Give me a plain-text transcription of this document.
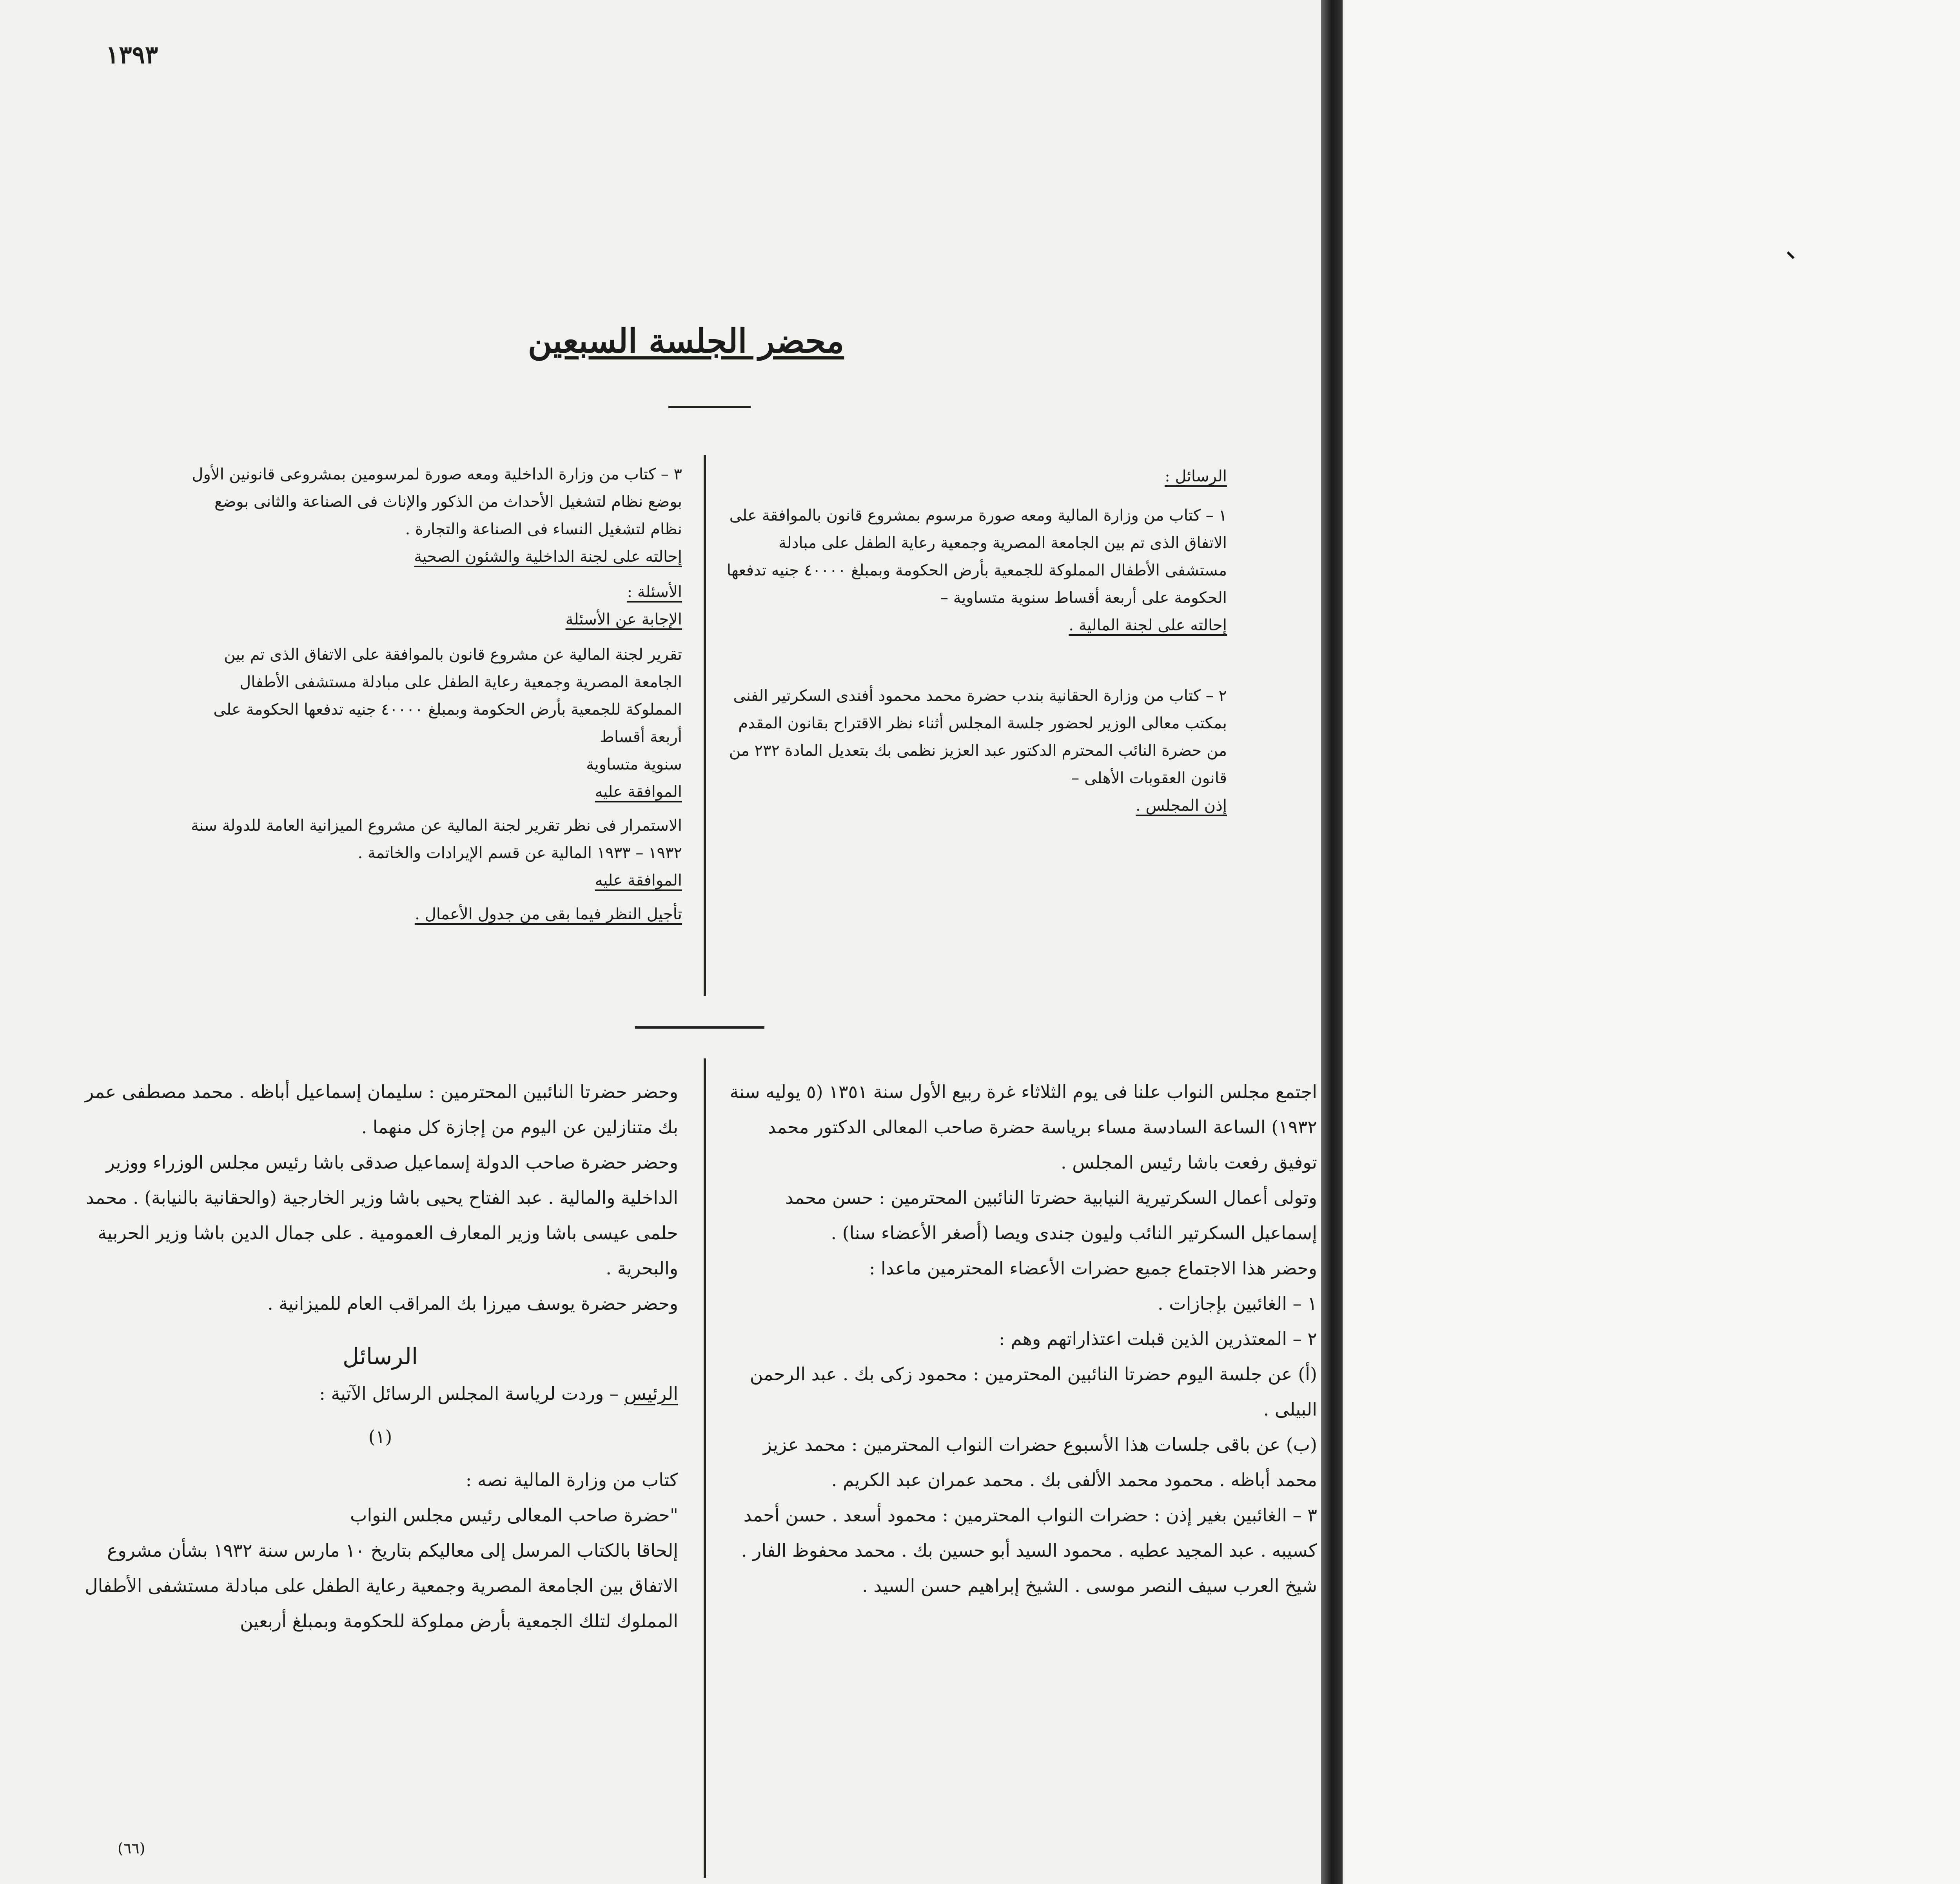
١٣٩٣
محضر الجلسة السبعين
الرسائل :
١ – كتاب من وزارة المالية ومعه صورة مرسوم بمشروع قانون بالموافقة على الاتفاق الذى تم بين الجامعة المصرية وجمعية رعاية الطفل على مبادلة مستشفى الأطفال المملوكة للجمعية بأرض الحكومة وبمبلغ ٤٠٠٠٠ جنيه تدفعها الحكومة على أربعة أقساط سنوية متساوية –
إحالته على لجنة المالية .
٢ – كتاب من وزارة الحقانية بندب حضرة محمد محمود أفندى السكرتير الفنى بمكتب معالى الوزير لحضور جلسة المجلس أثناء نظر الاقتراح بقانون المقدم من حضرة النائب المحترم الدكتور عبد العزيز نظمى بك بتعديل المادة ٢٣٢ من قانون العقوبات الأهلى –
إذن المجلس .
٣ – كتاب من وزارة الداخلية ومعه صورة لمرسومين بمشروعى قانونين الأول بوضع نظام لتشغيل الأحداث من الذكور والإناث فى الصناعة والثانى بوضع نظام لتشغيل النساء فى الصناعة والتجارة .
إحالته على لجنة الداخلية والشئون الصحية
الأسئلة :
الإجابة عن الأسئلة
تقرير لجنة المالية عن مشروع قانون بالموافقة على الاتفاق الذى تم بين الجامعة المصرية وجمعية رعاية الطفل على مبادلة مستشفى الأطفال المملوكة للجمعية بأرض الحكومة وبمبلغ ٤٠٠٠٠ جنيه تدفعها الحكومة على أربعة أقساط
سنوية متساوية
الموافقة عليه
الاستمرار فى نظر تقرير لجنة المالية عن مشروع الميزانية العامة للدولة سنة ١٩٣٢ – ١٩٣٣ المالية عن قسم الإيرادات والخاتمة .
الموافقة عليه
تأجيل النظر فيما بقى من جدول الأعمال .
اجتمع مجلس النواب علنا فى يوم الثلاثاء غرة ربيع الأول سنة ١٣٥١ (٥ يوليه سنة ١٩٣٢) الساعة السادسة مساء برياسة حضرة صاحب المعالى الدكتور محمد توفيق رفعت باشا رئيس المجلس .
وتولى أعمال السكرتيرية النيابية حضرتا النائبين المحترمين : حسن محمد إسماعيل السكرتير النائب وليون جندى ويصا (أصغر الأعضاء سنا) .
وحضر هذا الاجتماع جميع حضرات الأعضاء المحترمين ماعدا :
١ – الغائبين بإجازات .
٢ – المعتذرين الذين قبلت اعتذاراتهم وهم :
(أ) عن جلسة اليوم حضرتا النائبين المحترمين : محمود زكى بك . عبد الرحمن البيلى .
(ب) عن باقى جلسات هذا الأسبوع حضرات النواب المحترمين : محمد عزيز محمد أباظه . محمود محمد الألفى بك . محمد عمران عبد الكريم .
٣ – الغائبين بغير إذن : حضرات النواب المحترمين : محمود أسعد . حسن أحمد كسيبه . عبد المجيد عطيه . محمود السيد أبو حسين بك . محمد محفوظ الفار . شيخ العرب سيف النصر موسى . الشيخ إبراهيم حسن السيد .
وحضر حضرتا النائبين المحترمين : سليمان إسماعيل أباظه . محمد مصطفى عمر بك متنازلين عن اليوم من إجازة كل منهما .
وحضر حضرة صاحب الدولة إسماعيل صدقى باشا رئيس مجلس الوزراء ووزير الداخلية والمالية . عبد الفتاح يحيى باشا وزير الخارجية (والحقانية بالنيابة) . محمد حلمى عيسى باشا وزير المعارف العمومية . على جمال الدين باشا وزير الحربية والبحرية .
وحضر حضرة يوسف ميرزا بك المراقب العام للميزانية .
الرسائل
الرئيس – وردت لرياسة المجلس الرسائل الآتية :
(١)
كتاب من وزارة المالية نصه :
"حضرة صاحب المعالى رئيس مجلس النواب
إلحاقا بالكتاب المرسل إلى معاليكم بتاريخ ١٠ مارس سنة ١٩٣٢ بشأن مشروع الاتفاق بين الجامعة المصرية وجمعية رعاية الطفل على مبادلة مستشفى الأطفال المملوك لتلك الجمعية بأرض مملوكة للحكومة وبمبلغ أربعين
(٦٦)
